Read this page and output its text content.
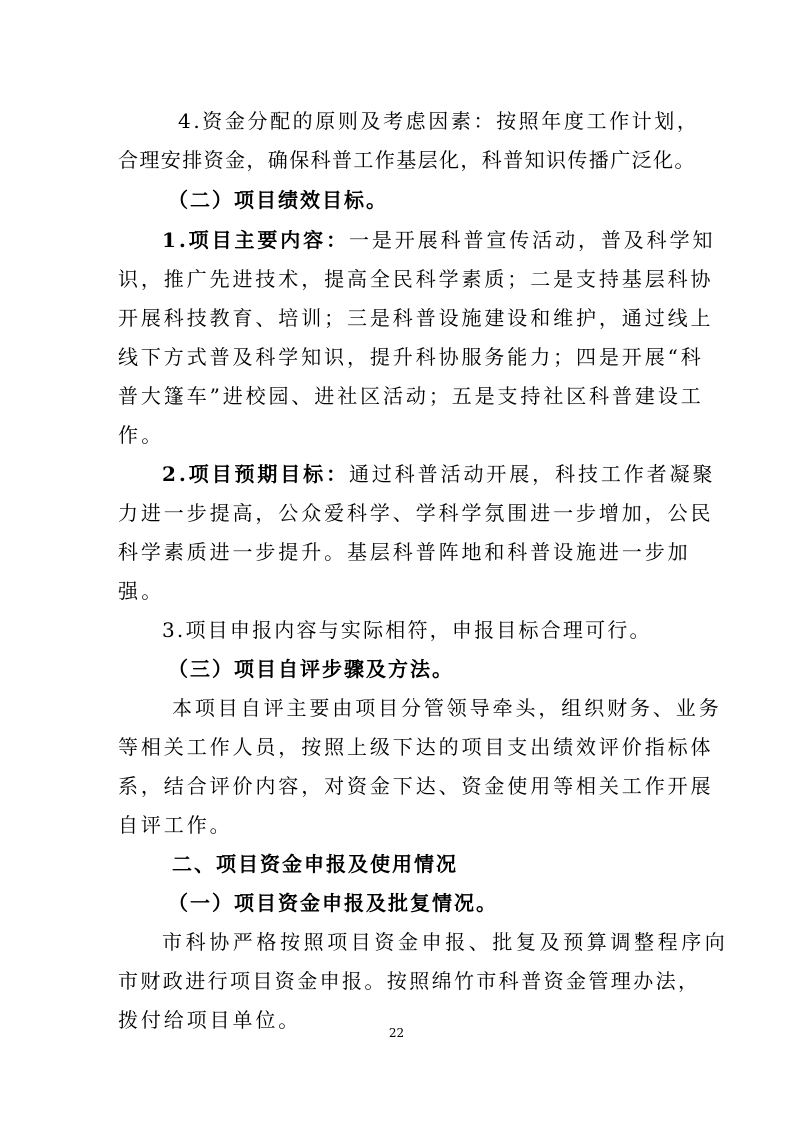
4.资金分配的原则及考虑因素：按照年度工作计划，
合理安排资金，确保科普工作基层化，科普知识传播广泛化。
（二）项目绩效目标。
1.项目主要内容：一是开展科普宣传活动，普及科学知
识，推广先进技术，提高全民科学素质；二是支持基层科协
开展科技教育、培训；三是科普设施建设和维护，通过线上
线下方式普及科学知识，提升科协服务能力；四是开展“科
普大篷车”进校园、进社区活动；五是支持社区科普建设工
作。
2.项目预期目标：通过科普活动开展，科技工作者凝聚
力进一步提高，公众爱科学、学科学氛围进一步增加，公民
科学素质进一步提升。基层科普阵地和科普设施进一步加
强。
3.项目申报内容与实际相符，申报目标合理可行。
（三）项目自评步骤及方法。
本项目自评主要由项目分管领导牵头，组织财务、业务
等相关工作人员，按照上级下达的项目支出绩效评价指标体
系，结合评价内容，对资金下达、资金使用等相关工作开展
自评工作。
二、项目资金申报及使用情况
（一）项目资金申报及批复情况。
市科协严格按照项目资金申报、批复及预算调整程序向
市财政进行项目资金申报。按照绵竹市科普资金管理办法，
拨付给项目单位。
22
